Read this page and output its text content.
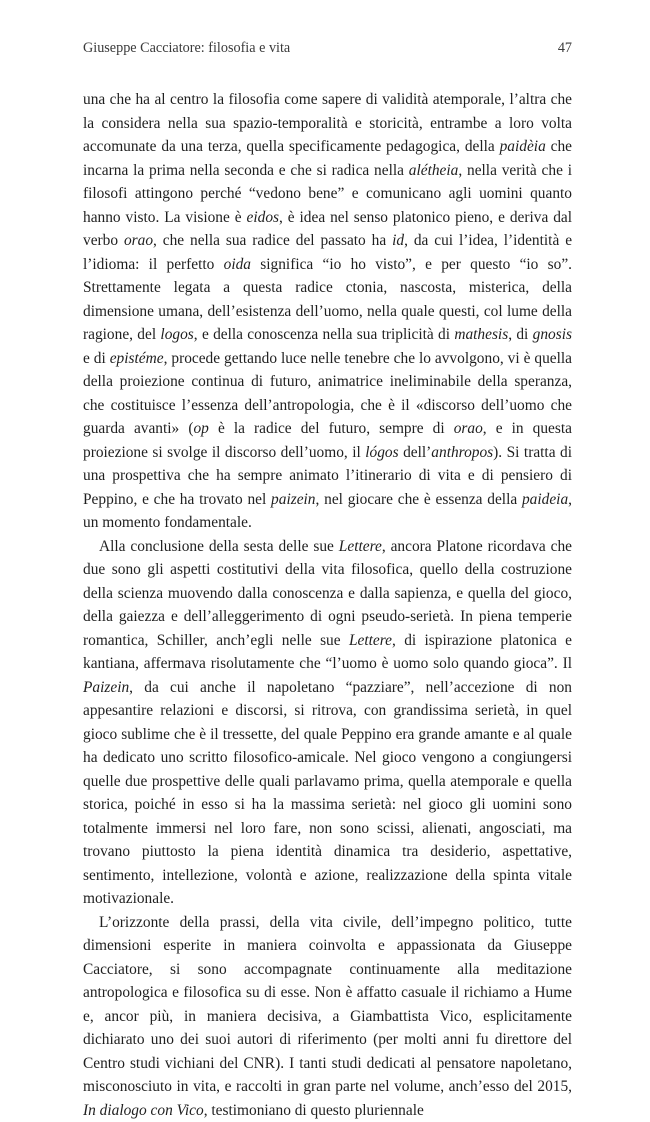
Giuseppe Cacciatore: filosofia e vita	47

una che ha al centro la filosofia come sapere di validità atemporale, l’altra che la considera nella sua spazio-temporalità e storicità, entrambe a loro volta accomunate da una terza, quella specificamente pedagogica, della paidèia che incarna la prima nella seconda e che si radica nella alétheia, nella verità che i filosofi attingono perché “vedono bene” e comunicano agli uomini quanto hanno visto. La visione è eidos, è idea nel senso platonico pieno, e deriva dal verbo orao, che nella sua radice del passato ha id, da cui l’idea, l’identità e l’idioma: il perfetto oida significa “io ho visto”, e per questo “io so”. Strettamente legata a questa radice ctonia, nascosta, misterica, della dimensione umana, dell’esistenza dell’uomo, nella quale questi, col lume della ragione, del logos, e della conoscenza nella sua triplicità di mathesis, di gnosis e di epistéme, procede gettando luce nelle tenebre che lo avvolgono, vi è quella della proiezione continua di futuro, animatrice ineliminabile della speranza, che costituisce l’essenza dell’antropologia, che è il «discorso dell’uomo che guarda avanti» (op è la radice del futuro, sempre di orao, e in questa proiezione si svolge il discorso dell’uomo, il lógos dell’anthropos). Si tratta di una prospettiva che ha sempre animato l’itinerario di vita e di pensiero di Peppino, e che ha trovato nel paizein, nel giocare che è essenza della paideia, un momento fondamentale.

Alla conclusione della sesta delle sue Lettere, ancora Platone ricordava che due sono gli aspetti costitutivi della vita filosofica, quello della costruzione della scienza muovendo dalla conoscenza e dalla sapienza, e quella del gioco, della gaiezza e dell’alleggerimento di ogni pseudo-serietà. In piena temperie romantica, Schiller, anch’egli nelle sue Lettere, di ispirazione platonica e kantiana, affermava risolutamente che “l’uomo è uomo solo quando gioca”. Il Paizein, da cui anche il napoletano “pazziare”, nell’accezione di non appesantire relazioni e discorsi, si ritrova, con grandissima serietà, in quel gioco sublime che è il tressette, del quale Peppino era grande amante e al quale ha dedicato uno scritto filosofico-amicale. Nel gioco vengono a congiungersi quelle due prospettive delle quali parlavamo prima, quella atemporale e quella storica, poiché in esso si ha la massima serietà: nel gioco gli uomini sono totalmente immersi nel loro fare, non sono scissi, alienati, angosciati, ma trovano piuttosto la piena identità dinamica tra desiderio, aspettative, sentimento, intellezione, volontà e azione, realizzazione della spinta vitale motivazionale.

L’orizzonte della prassi, della vita civile, dell’impegno politico, tutte dimensioni esperite in maniera coinvolta e appassionata da Giuseppe Cacciatore, si sono accompagnate continuamente alla meditazione antropologica e filosofica su di esse. Non è affatto casuale il richiamo a Hume e, ancor più, in maniera decisiva, a Giambattista Vico, esplicitamente dichiarato uno dei suoi autori di riferimento (per molti anni fu direttore del Centro studi vichiani del CNR). I tanti studi dedicati al pensatore napoletano, misconosciuto in vita, e raccolti in gran parte nel volume, anch’esso del 2015, In dialogo con Vico, testimoniano di questo pluriennale
